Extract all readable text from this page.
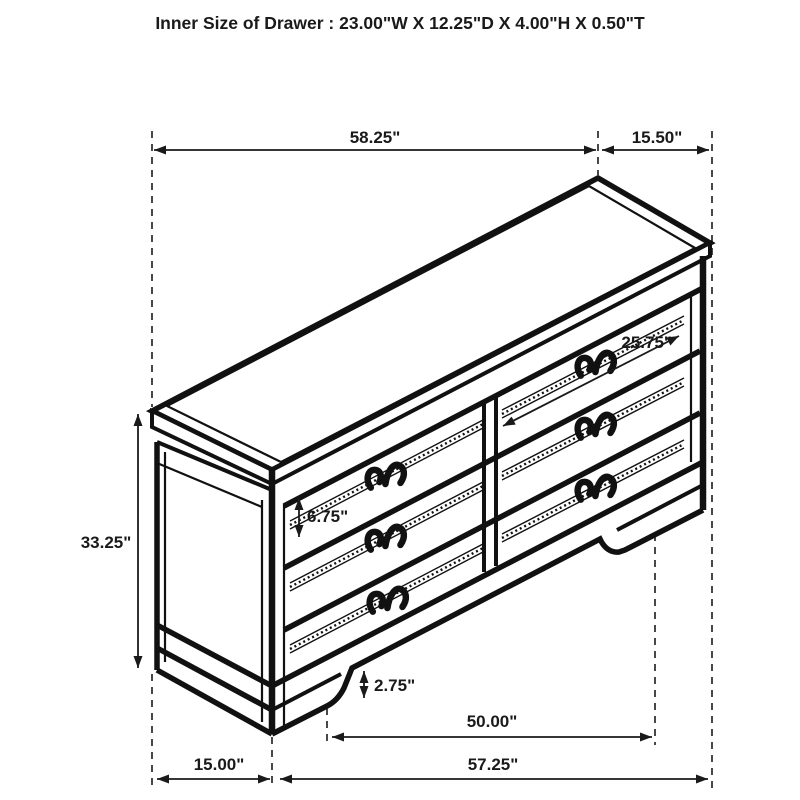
Inner Size of Drawer : 23.00"W X 12.25"D X 4.00"H X 0.50"T
58.25"	15.50"
25.75"
6.75"
33.25"
2.75"
50.00"
15.00"	57.25"
